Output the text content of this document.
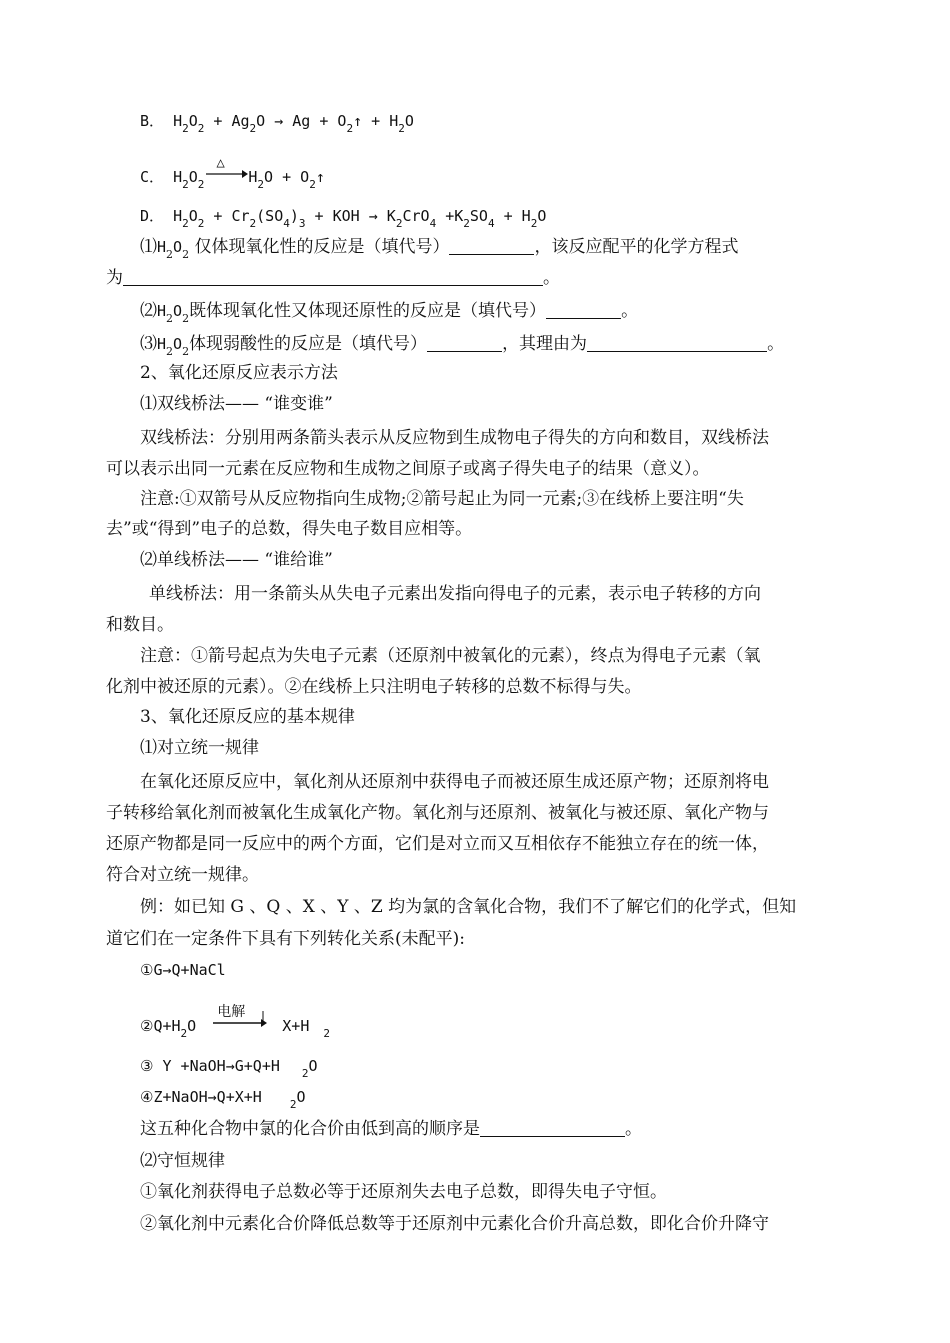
B． $H_2O_2 + Ag_2O \to Ag$ + $O_2↑ + H_2O$
C． $H_2O_2$
△
$H_2O$ + $O_2↑$
D． $H_2O_2 + Cr_2(SO_4)_3$ + KOH → $K_2CrO_4 +K_2SO_4 + H_2O$
$⑴H_2O_2$ 仅体现氧化性的反应是（填代号）	，该反应配平的化学方程式
为	。
$⑵H_2O_2$既体现氧化性又体现还原性的反应是（填代号）	。
$⑶H_2O_2$体现弱酸性的反应是（填代号）	，其理由为	。
2、氧化还原反应表示方法
⑴双线桥法—— “谁变谁”
双线桥法：分别用两条箭头表示从反应物到生成物电子得失的方向和数目，双线桥法
可以表示出同一元素在反应物和生成物之间原子或离子得失电子的结果（意义）。
注意:①双箭号从反应物指向生成物;②箭号起止为同一元素;③在线桥上要注明“失
去”或“得到”电子的总数，得失电子数目应相等。
⑵单线桥法—— “谁给谁”
单线桥法：用一条箭头从失电子元素出发指向得电子的元素，表示电子转移的方向
和数目。
注意：①箭号起点为失电子元素（还原剂中被氧化的元素），终点为得电子元素（氧
化剂中被还原的元素）。②在线桥上只注明电子转移的总数不标得与失。
3、氧化还原反应的基本规律
⑴对立统一规律
在氧化还原反应中，氧化剂从还原剂中获得电子而被还原生成还原产物；还原剂将电
子转移给氧化剂而被氧化生成氧化产物。氧化剂与还原剂、被氧化与被还原、氧化产物与
还原产物都是同一反应中的两个方面，它们是对立而又互相依存不能独立存在的统一体，
符合对立统一规律。
例：如已知 G 、Q 、X 、Y 、Z 均为氯的含氧化合物，我们不了解它们的化学式，但知
道它们在一定条件下具有下列转化关系(未配平):
①G→Q+NaCl
$②Q+H_2O$
电解
X+H $_2$
③ Y +NaOH→G+Q+H $_2$O
④Z+NaOH→Q+X+H	$_2$O
这五种化合物中氯的化合价由低到高的顺序是	。
⑵守恒规律
①氧化剂获得电子总数必等于还原剂失去电子总数，即得失电子守恒。
②氧化剂中元素化合价降低总数等于还原剂中元素化合价升高总数，即化合价升降守
